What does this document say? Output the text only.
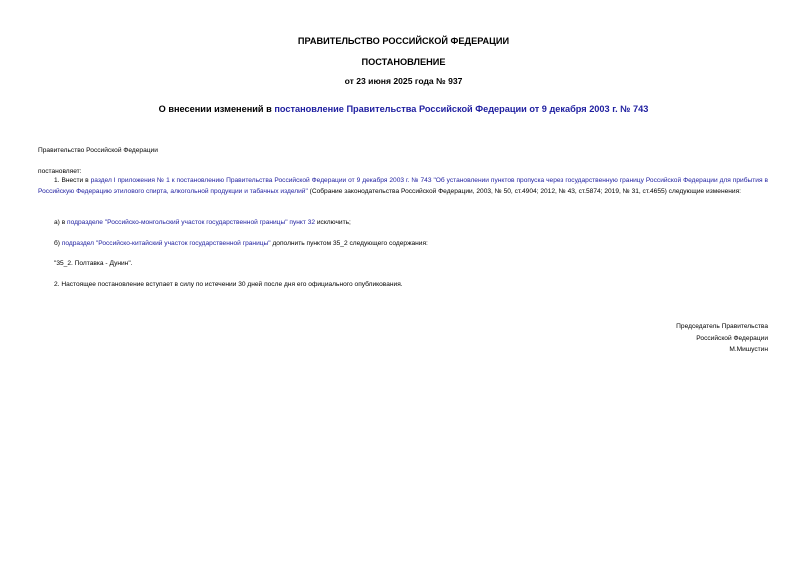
ПРАВИТЕЛЬСТВО РОССИЙСКОЙ ФЕДЕРАЦИИ
ПОСТАНОВЛЕНИЕ
от 23 июня 2025 года № 937
О внесении изменений в постановление Правительства Российской Федерации от 9 декабря 2003 г. № 743
Правительство Российской Федерации
постановляет:
1. Внести в раздел I приложения № 1 к постановлению Правительства Российской Федерации от 9 декабря 2003 г. № 743 "Об установлении пунктов пропуска через государственную границу Российской Федерации для прибытия в Российскую Федерацию этилового спирта, алкогольной продукции и табачных изделий" (Собрание законодательства Российской Федерации, 2003, № 50, ст.4904; 2012, № 43, ст.5874; 2019, № 31, ст.4655) следующие изменения:
а) в подразделе "Российско-монгольский участок государственной границы" пункт 32 исключить;
б) подраздел "Российско-китайский участок государственной границы" дополнить пунктом 35_2 следующего содержания:
"35_2. Полтавка - Дунин".
2. Настоящее постановление вступает в силу по истечении 30 дней после дня его официального опубликования.
Председатель Правительства
Российской Федерации
М.Мишустин
